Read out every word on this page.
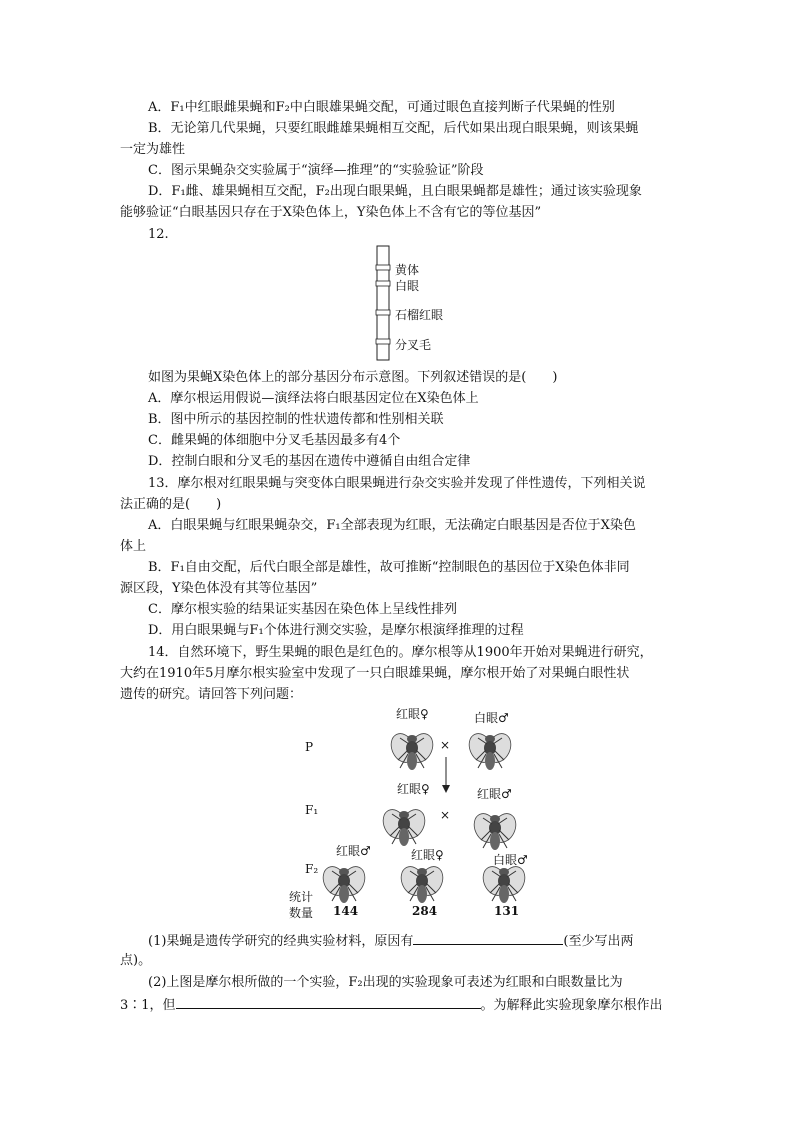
A．F₁中红眼雌果蝇和F₂中白眼雄果蝇交配，可通过眼色直接判断子代果蝇的性别
B．无论第几代果蝇，只要红眼雌雄果蝇相互交配，后代如果出现白眼果蝇，则该果蝇
一定为雄性
C．图示果蝇杂交实验属于“演绎—推理”的“实验验证”阶段
D．F₁雌、雄果蝇相互交配，F₂出现白眼果蝇，且白眼果蝇都是雄性；通过该实验现象
能够验证“白眼基因只存在于X染色体上，Y染色体上不含有它的等位基因”
12.
黄体
白眼
石榴红眼
分叉毛
如图为果蝇X染色体上的部分基因分布示意图。下列叙述错误的是(　　)
A．摩尔根运用假说—演绎法将白眼基因定位在X染色体上
B．图中所示的基因控制的性状遗传都和性别相关联
C．雌果蝇的体细胞中分叉毛基因最多有4个
D．控制白眼和分叉毛的基因在遗传中遵循自由组合定律
13．摩尔根对红眼果蝇与突变体白眼果蝇进行杂交实验并发现了伴性遗传，下列相关说
法正确的是(　　)
A．白眼果蝇与红眼果蝇杂交，F₁全部表现为红眼，无法确定白眼基因是否位于X染色
体上
B．F₁自由交配，后代白眼全部是雄性，故可推断“控制眼色的基因位于X染色体非同
源区段，Y染色体没有其等位基因”
C．摩尔根实验的结果证实基因在染色体上呈线性排列
D．用白眼果蝇与F₁个体进行测交实验，是摩尔根演绎推理的过程
14．自然环境下，野生果蝇的眼色是红色的。摩尔根等从1900年开始对果蝇进行研究，
大约在1910年5月摩尔根实验室中发现了一只白眼雄果蝇，摩尔根开始了对果蝇白眼性状
遗传的研究。请回答下列问题：
P
F₁
F₂
红眼♀	白眼♂
×
红眼♀	红眼♂
×
红眼♂	红眼♀	白眼♂
统计
数量 144	284	131
(1)果蝇是遗传学研究的经典实验材料，原因有	(至少写出两
点)。
(2)上图是摩尔根所做的一个实验，F₂出现的实验现象可表述为红眼和白眼数量比为
3∶1，但	。为解释此实验现象摩尔根作出
